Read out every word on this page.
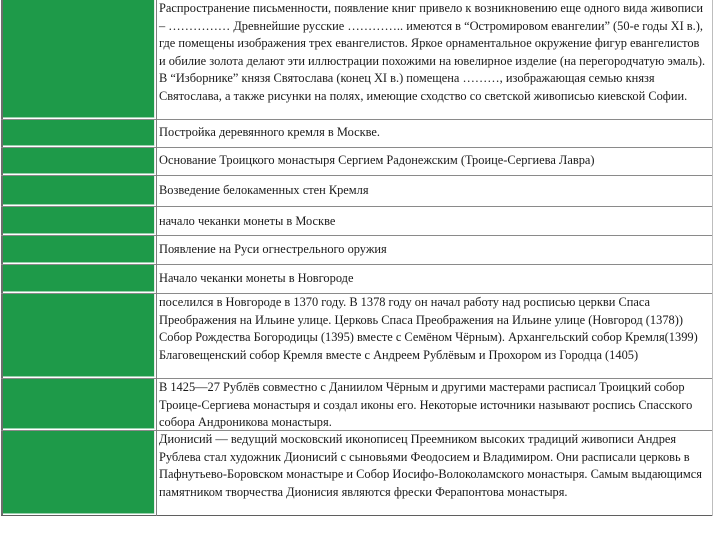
Распространение письменности, появление книг привело к возникновению еще одного вида живописи – …………… Древнейшие русские ………….. имеются в “Остромировом евангелии” (50-е годы XI в.), где помещены изображения трех евангелистов. Яркое орнаментальное окружение фигур евангелистов и обилие золота делают эти иллюстрации похожими на ювелирное изделие (на перегородчатую эмаль). В “Изборнике” князя Святослава (конец XI в.) помещена ………, изображающая семью князя Святослава, а также рисунки на полях, имеющие сходство со светской живописью киевской Софии.
Постройка деревянного кремля в Москве.
Основание Троицкого монастыря Сергием Радонежским (Троице-Сергиева Лавра)
Возведение белокаменных стен Кремля
начало чеканки монеты в Москве
Появление на Руси огнестрельного оружия
Начало чеканки монеты в Новгороде
поселился в Новгороде в 1370 году. В 1378 году он начал работу над росписью церкви Спаса Преображения на Ильине улице. Церковь Спаса Преображения на Ильине улице (Новгород (1378)) Собор Рождества Богородицы (1395) вместе с Семёном Чёрным). Архангельский собор Кремля(1399) Благовещенский собор Кремля вместе с Андреем Рублёвым и Прохором из Городца (1405)
В 1425—27 Рублёв совместно с Даниилом Чёрным и другими мастерами расписал Троицкий собор Троице-Сергиева монастыря и создал иконы его. Некоторые источники называют роспись Спасского собора Андроникова монастыря.
Дионисий — ведущий московский иконописец Преемником высоких традиций живописи Андрея Рублева стал художник Дионисий с сыновьями Феодосием и Владимиром. Они расписали церковь в Пафнутьево-Боровском монастыре и Собор Иосифо-Волоколамского монастыря. Самым выдающимся памятником творчества Дионисия являются фрески Ферапонтова монастыря.
